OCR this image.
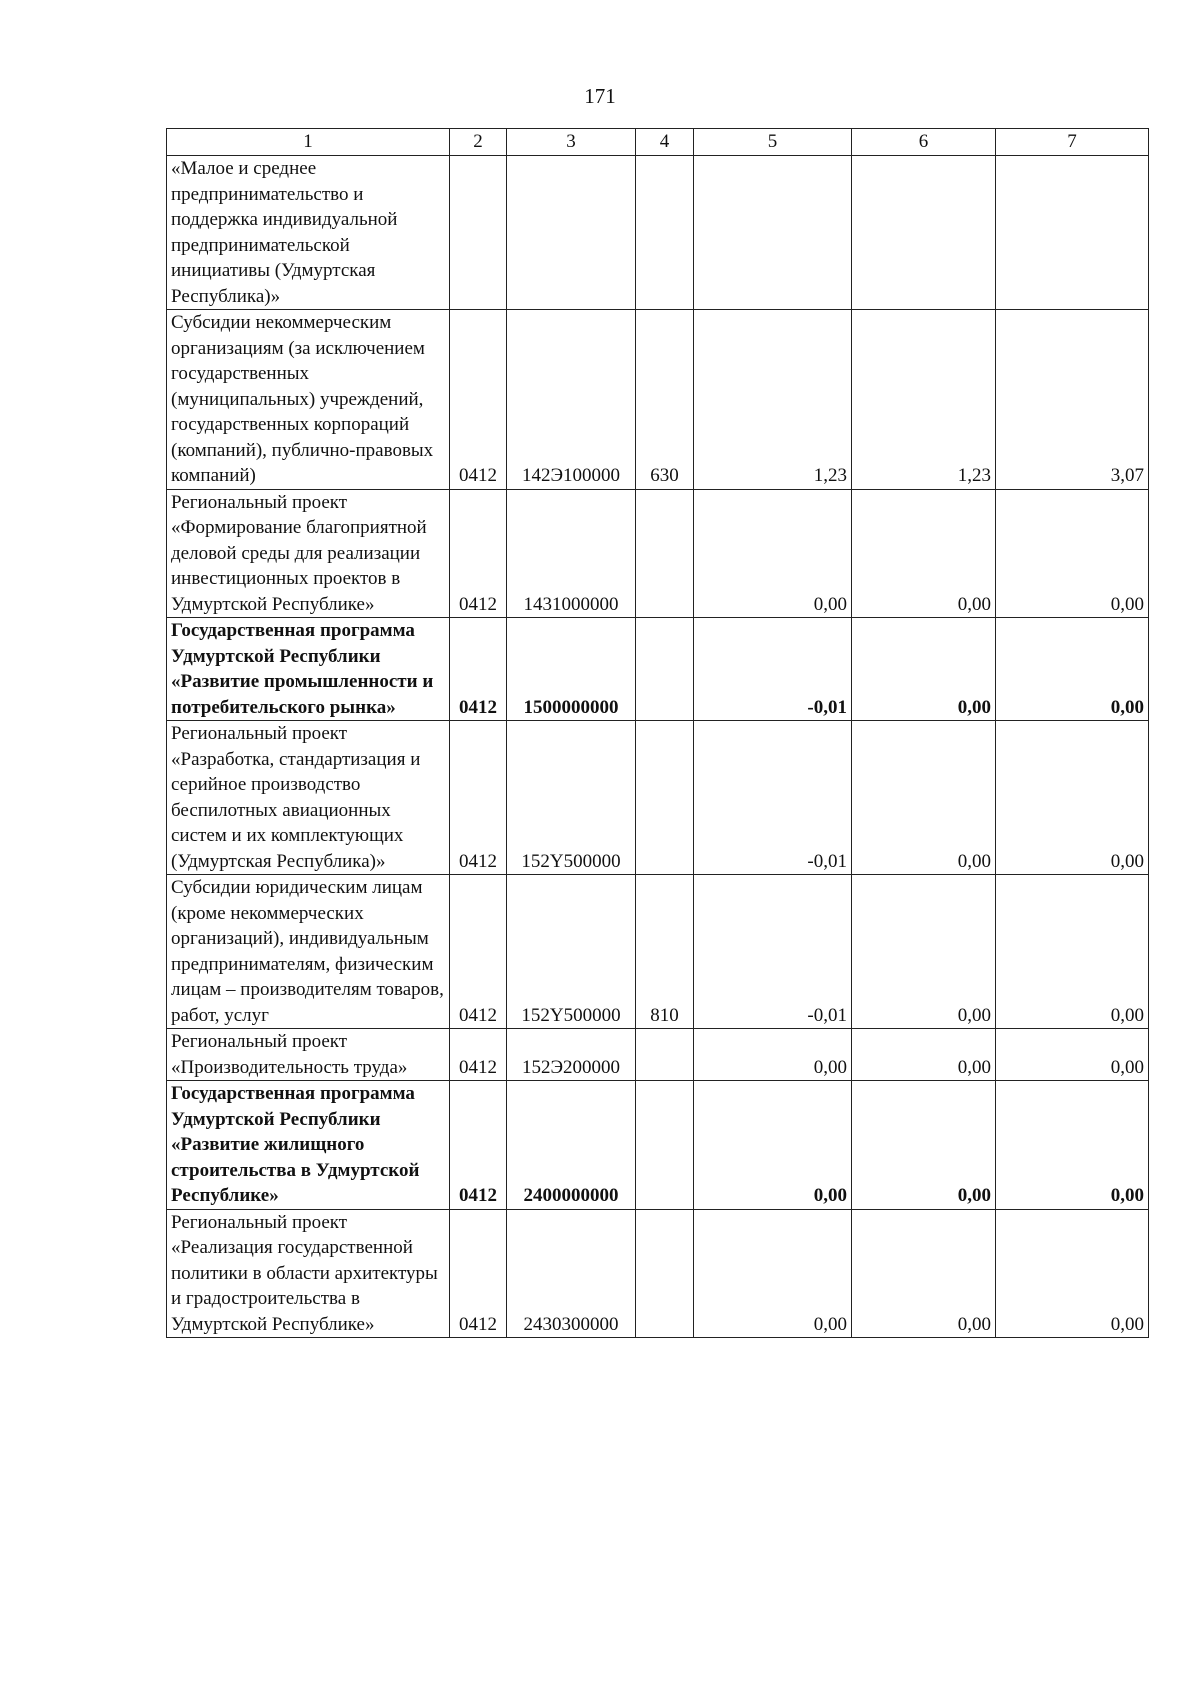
171
1	2	3	4	5	6	7
«Малое и среднее предпринимательство и поддержка индивидуальной предпринимательской инициативы (Удмуртская Республика)»						
Субсидии некоммерческим организациям (за исключением государственных (муниципальных) учреждений, государственных корпораций (компаний), публично-правовых компаний)	0412	142Э100000	630	1,23	1,23	3,07
Региональный проект «Формирование благоприятной деловой среды для реализации инвестиционных проектов в Удмуртской Республике»	0412	1431000000		0,00	0,00	0,00
Государственная программа Удмуртской Республики «Развитие промышленности и потребительского рынка»	0412	1500000000		-0,01	0,00	0,00
Региональный проект «Разработка, стандартизация и серийное производство беспилотных авиационных систем и их комплектующих (Удмуртская Республика)»	0412	152Y500000		-0,01	0,00	0,00
Субсидии юридическим лицам (кроме некоммерческих организаций), индивидуальным предпринимателям, физическим лицам – производителям товаров, работ, услуг	0412	152Y500000	810	-0,01	0,00	0,00
Региональный проект «Производительность труда»	0412	152Э200000		0,00	0,00	0,00
Государственная программа Удмуртской Республики «Развитие жилищного строительства в Удмуртской Республике»	0412	2400000000		0,00	0,00	0,00
Региональный проект «Реализация государственной политики в области архитектуры и градостроительства в Удмуртской Республике»	0412	2430300000		0,00	0,00	0,00
